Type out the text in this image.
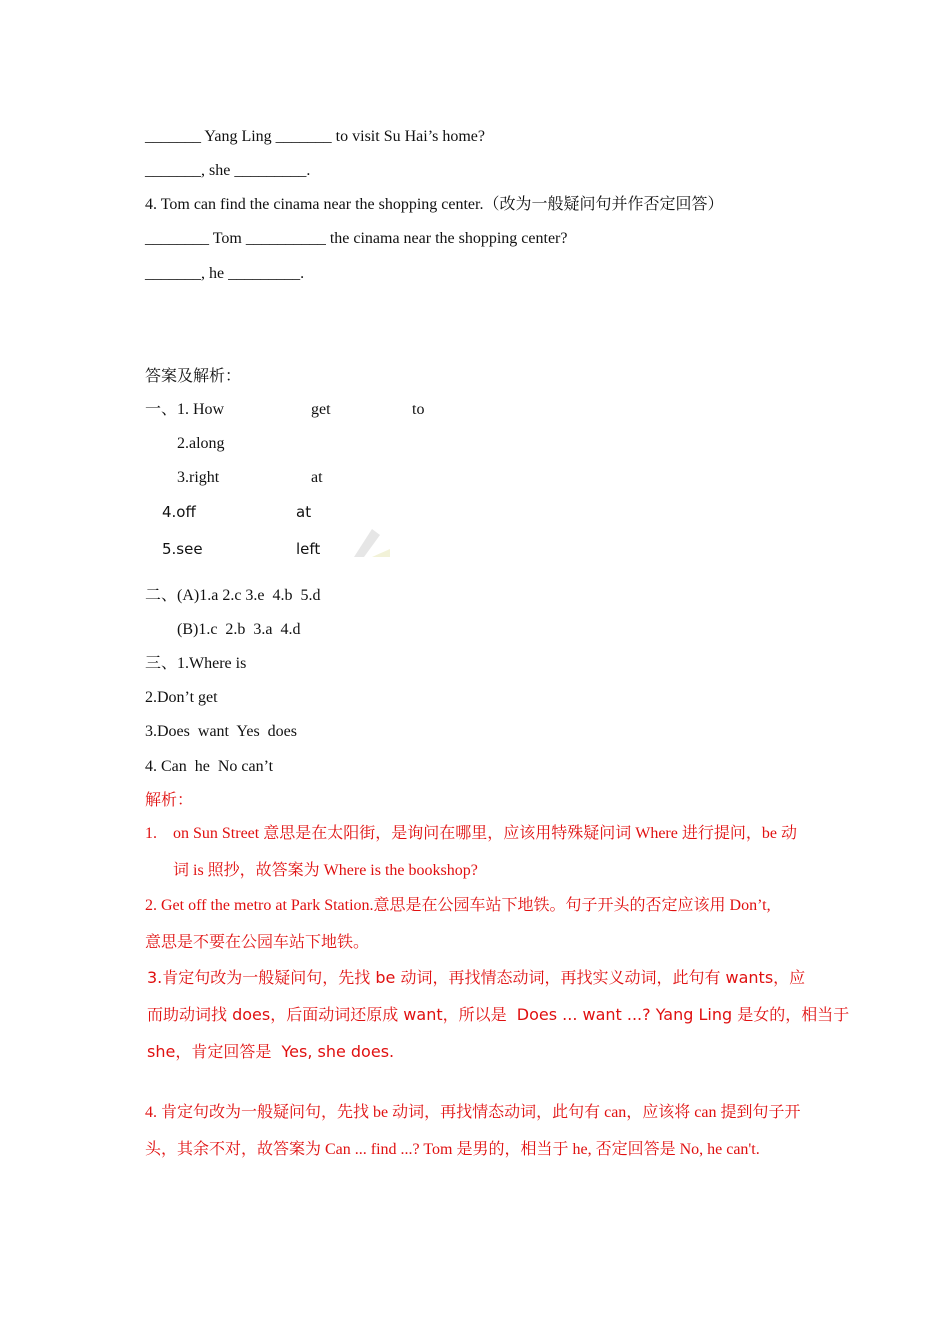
_______ Yang Ling _______ to visit Su Hai’s home?
_______, she _________.
4. Tom can find the cinama near the shopping center.（改为一般疑问句并作否定回答）
________ Tom __________ the cinama near the shopping center?
_______, he _________.
答案及解析：
一、1. How	get	to
2.along
3.right	at
4.off	at
5.see	left
二、(A)1.a 2.c 3.e  4.b  5.d
(B)1.c  2.b  3.a  4.d
三、1.Where is
2.Don’t get
3.Does  want  Yes  does
4. Can  he  No can’t
解析：
1. on Sun Street 意思是在太阳街，是询问在哪里，应该用特殊疑问词 Where 进行提问，be 动
词 is 照抄，故答案为 Where is the bookshop?
2. Get off the metro at Park Station.意思是在公园车站下地铁。句子开头的否定应该用 Don’t,
意思是不要在公园车站下地铁。
3.肯定句改为一般疑问句，先找 be 动词，再找情态动词，再找实义动词，此句有 wants，应
而助动词找 does，后面动词还原成 want，所以是  Does ... want ...? Yang Ling 是女的，相当于
she，肯定回答是  Yes, she does.
4. 肯定句改为一般疑问句，先找 be 动词，再找情态动词，此句有 can，应该将 can 提到句子开
头，其余不对，故答案为 Can ... find ...? Tom 是男的，相当于 he, 否定回答是 No, he can't.
